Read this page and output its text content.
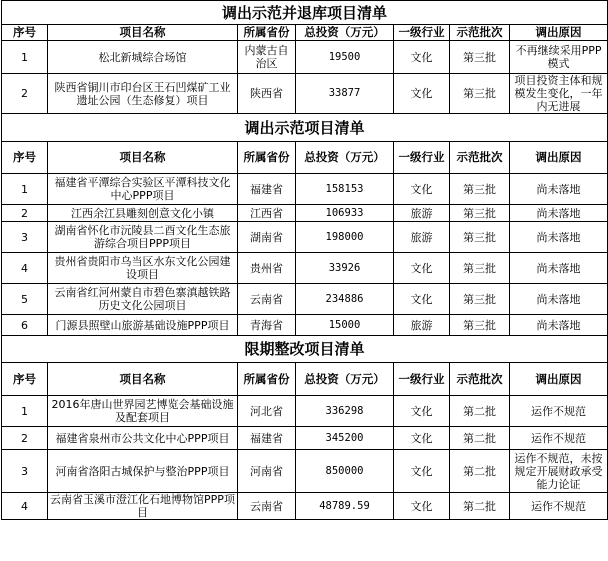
调出示范并退库项目清单						
序号	项目名称	所属省份	总投资（万元）	一级行业	示范批次	调出原因
1	松北新城综合场馆	内蒙古自治区	19500	文化	第三批	不再继续采用PPP模式
2	陕西省铜川市印台区王石凹煤矿工业遗址公园（生态修复）项目	陕西省	33877	文化	第三批	项目投资主体和规模发生变化，一年内无进展
调出示范项目清单						
序号	项目名称	所属省份	总投资（万元）	一级行业	示范批次	调出原因
1	福建省平潭综合实验区平潭科技文化中心PPP项目	福建省	158153	文化	第三批	尚未落地
2	江西余江县雕刻创意文化小镇	江西省	106933	旅游	第三批	尚未落地
3	湖南省怀化市沅陵县二酉文化生态旅游综合项目PPP项目	湖南省	198000	旅游	第三批	尚未落地
4	贵州省贵阳市乌当区水东文化公园建设项目	贵州省	33926	文化	第三批	尚未落地
5	云南省红河州蒙自市碧色寨滇越铁路历史文化公园项目	云南省	234886	文化	第三批	尚未落地
6	门源县照壁山旅游基础设施PPP项目	青海省	15000	旅游	第三批	尚未落地
限期整改项目清单						
序号	项目名称	所属省份	总投资（万元）	一级行业	示范批次	调出原因
1	2016年唐山世界园艺博览会基础设施及配套项目	河北省	336298	文化	第二批	运作不规范
2	福建省泉州市公共文化中心PPP项目	福建省	345200	文化	第二批	运作不规范
3	河南省洛阳古城保护与整治PPP项目	河南省	850000	文化	第二批	运作不规范，未按规定开展财政承受能力论证
4	云南省玉溪市澄江化石地博物馆PPP项目	云南省	48789.59	文化	第二批	运作不规范
